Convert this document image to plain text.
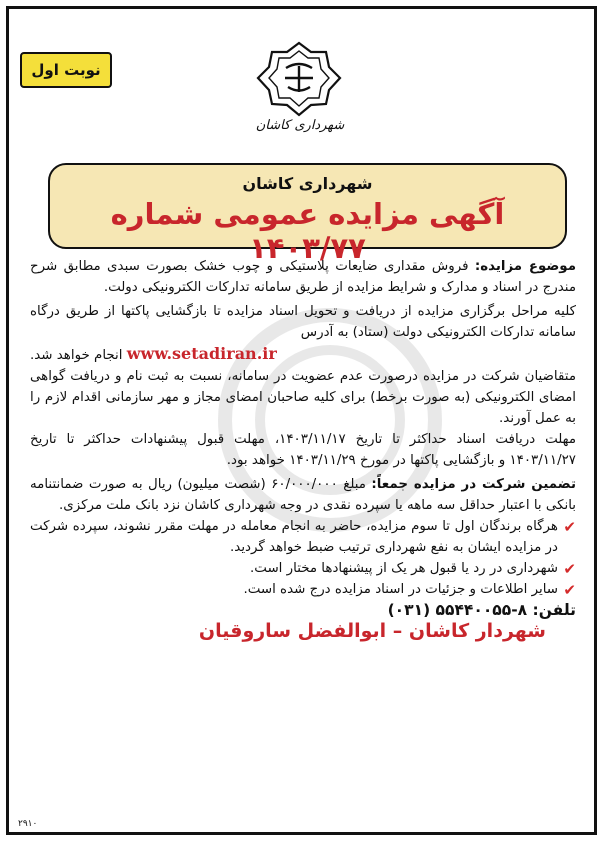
نوبت اول
شهرداری کاشان
شهرداری کاشان
آگهی مزایده عمومی شماره ۱۴۰۳/۷۷

موضوع مزایده: فروش مقداری ضایعات پلاستیکی و چوب خشک بصورت سبدی مطابق شرح مندرج در اسناد و مدارک و شرایط مزایده از طریق سامانه تدارکات الکترونیکی دولت.

کلیه مراحل برگزاری مزایده از دریافت و تحویل اسناد مزایده تا بازگشایی پاکتها از طریق درگاه سامانه تدارکات الکترونیکی دولت (ستاد) به آدرس

www.setadiran.ir انجام خواهد شد.

متقاضیان شرکت در مزایده درصورت عدم عضویت در سامانه، نسبت به ثبت نام و دریافت گواهی امضای الکترونیکی (به صورت برخط) برای کلیه صاحبان امضای مجاز و مهر سازمانی اقدام لازم را به عمل آورند.

مهلت دریافت اسناد حداکثر تا تاریخ ۱۴۰۳/۱۱/۱۷، مهلت قبول پیشنهادات حداکثر تا تاریخ ۱۴۰۳/۱۱/۲۷ و بازگشایی پاکتها در مورخ ۱۴۰۳/۱۱/۲۹ خواهد بود.

تضمین شرکت در مزایده جمعاً: مبلغ ۶۰/۰۰۰/۰۰۰ (شصت میلیون) ریال به صورت ضمانتنامه بانکی با اعتبار حداقل سه ماهه یا سپرده نقدی در وجه شهرداری کاشان نزد بانک ملت مرکزی.

✔
هرگاه برندگان اول تا سوم مزایده، حاضر به انجام معامله در مهلت مقرر نشوند، سپرده شرکت در مزایده ایشان به نفع شهرداری ترتیب ضبط خواهد گردید.

✔
شهرداری در رد یا قبول هر یک از پیشنهادها مختار است.

✔
سایر اطلاعات و جزئیات در اسناد مزایده درج شده است.

تلفن: ۸-۵۵۴۴۰۰۵۵ (۰۳۱)

شهردار کاشان – ابوالفضل ساروقیان

۲۹۱۰
